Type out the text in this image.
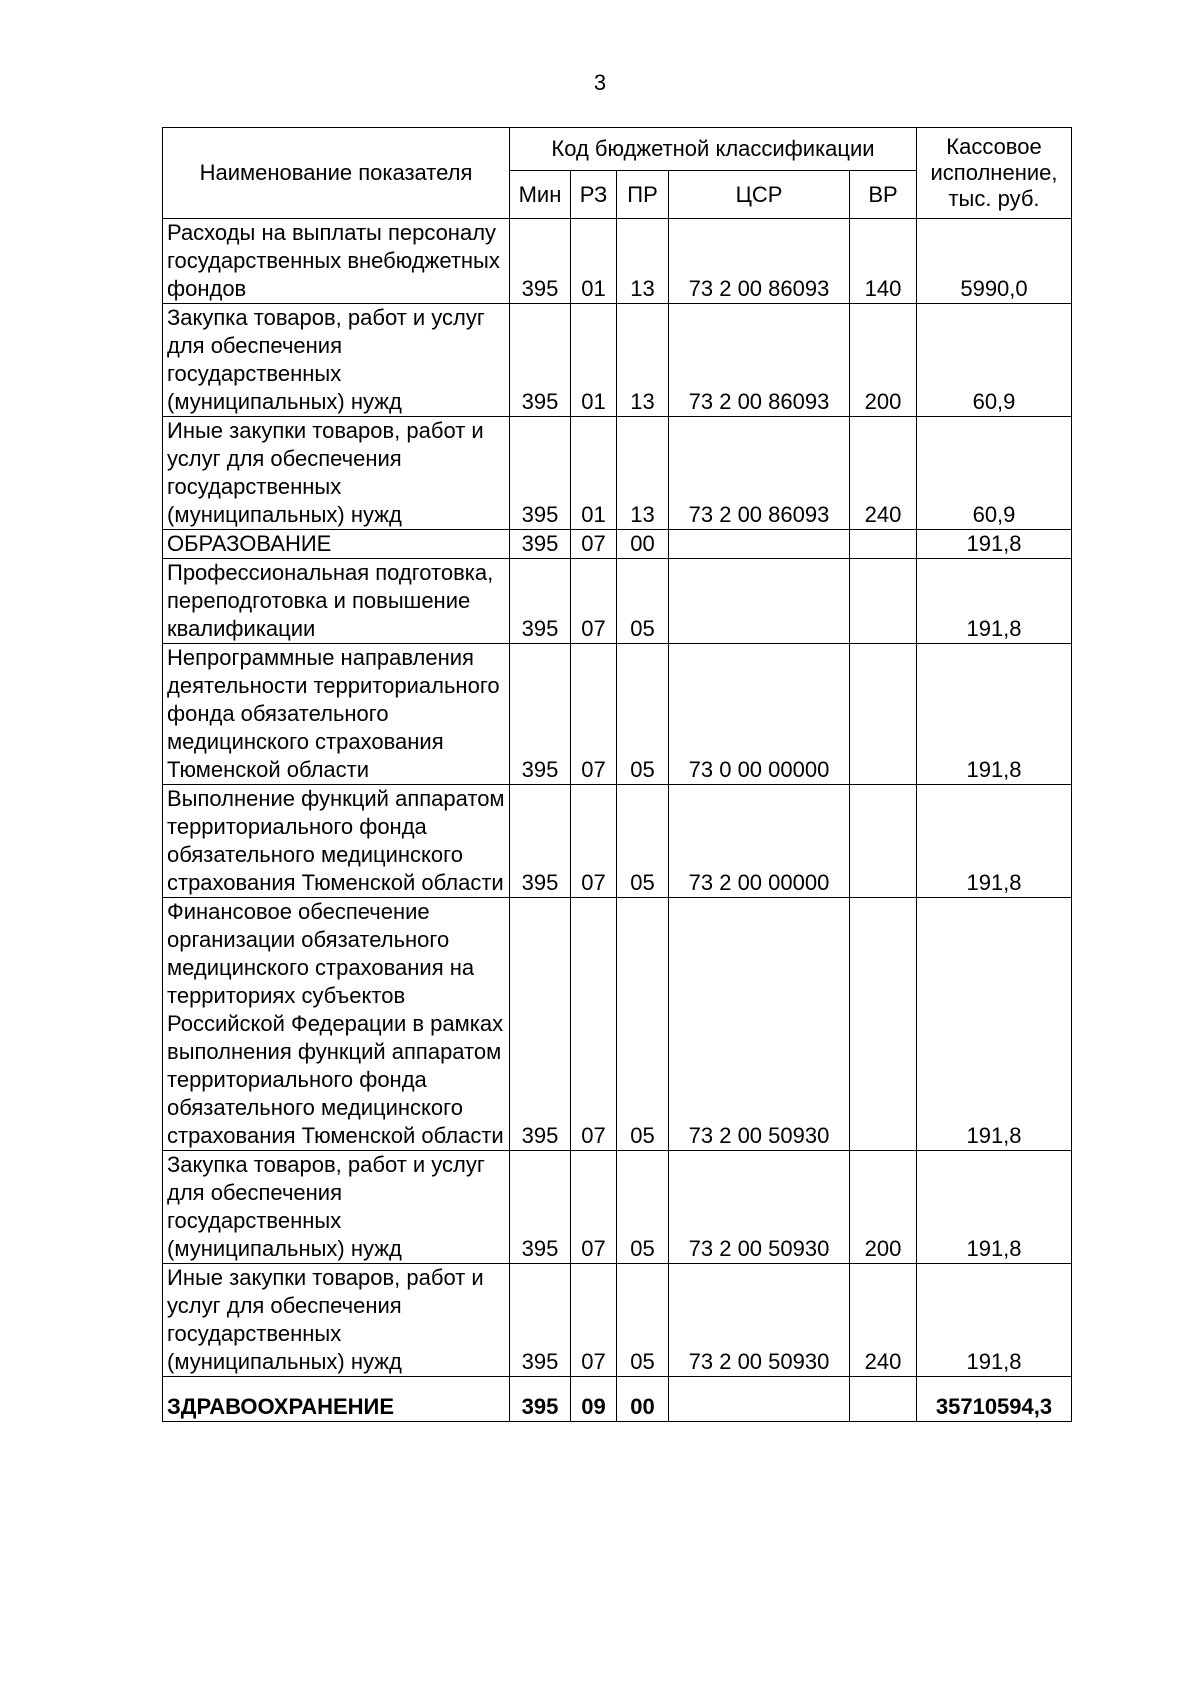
3
Наименование показателя	Код бюджетной классификации					Кассовое исполнение, тыс. руб.
	Мин	РЗ	ПР	ЦСР	ВР	
Расходы на выплаты персоналу государственных внебюджетных фондов	395	01	13	73 2 00 86093	140	5990,0
Закупка товаров, работ и услуг для обеспечения государственных (муниципальных) нужд	395	01	13	73 2 00 86093	200	60,9
Иные закупки товаров, работ и услуг для обеспечения государственных (муниципальных) нужд	395	01	13	73 2 00 86093	240	60,9
ОБРАЗОВАНИЕ	395	07	00			191,8
Профессиональная подготовка, переподготовка и повышение квалификации	395	07	05			191,8
Непрограммные направления деятельности территориального фонда обязательного медицинского страхования Тюменской области	395	07	05	73 0 00 00000		191,8
Выполнение функций аппаратом территориального фонда обязательного медицинского страхования Тюменской области	395	07	05	73 2 00 00000		191,8
Финансовое обеспечение организации обязательного медицинского страхования на территориях субъектов Российской Федерации в рамках выполнения функций аппаратом территориального фонда обязательного медицинского страхования Тюменской области	395	07	05	73 2 00 50930		191,8
Закупка товаров, работ и услуг для обеспечения государственных (муниципальных) нужд	395	07	05	73 2 00 50930	200	191,8
Иные закупки товаров, работ и услуг для обеспечения государственных (муниципальных) нужд	395	07	05	73 2 00 50930	240	191,8
ЗДРАВООХРАНЕНИЕ	395	09	00			35710594,3
